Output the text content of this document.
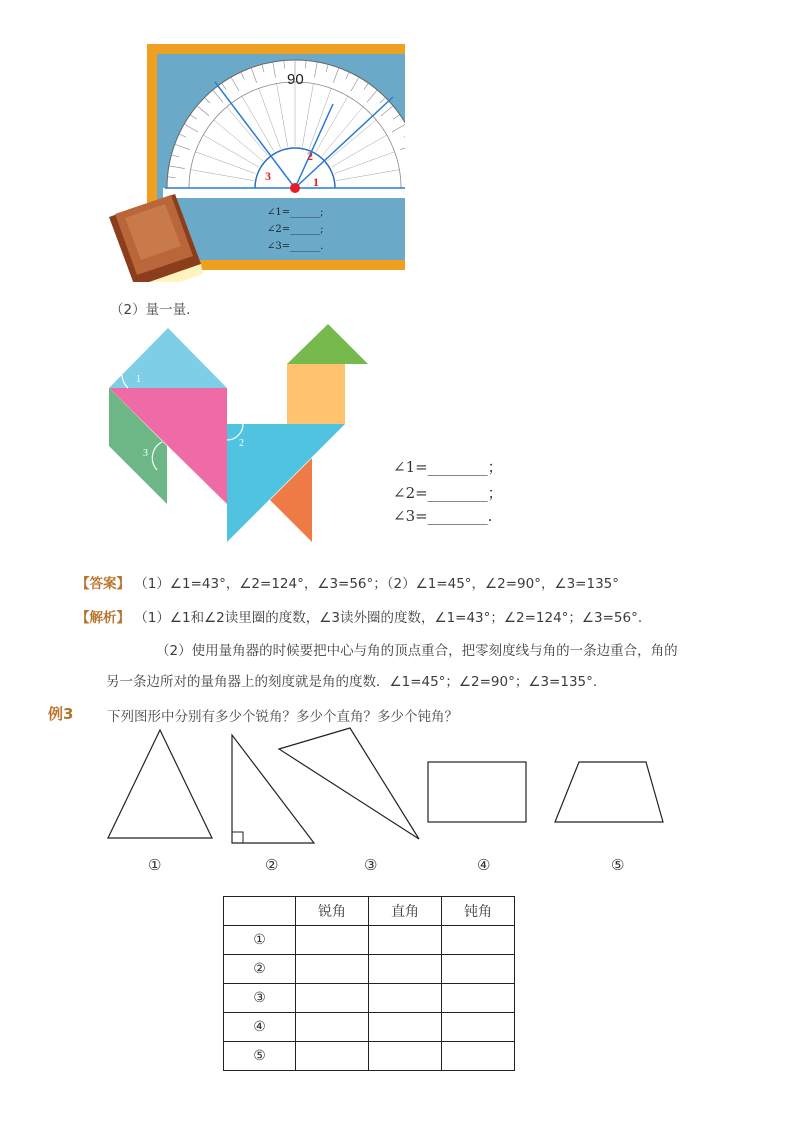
90
1
2
3
∠1=______;
∠2=______;
∠3=______.
（2）量一量.
1
2
3
∠1=________；
∠2=________；
∠3=________.
【答案】 （1）∠1=43°，∠2=124°，∠3=56°；（2）∠1=45°，∠2=90°，∠3=135°
【解析】 （1）∠1和∠2读里圈的度数，∠3读外圈的度数，∠1=43°；∠2=124°；∠3=56°.
（2）使用量角器的时候要把中心与角的顶点重合，把零刻度线与角的一条边重合，角的
另一条边所对的量角器上的刻度就是角的度数．∠1=45°；∠2=90°；∠3=135°.
例3 下列图形中分别有多少个锐角？多少个直角？多少个钝角？
①	②	③	④	⑤
	锐角	直角	钝角
①			
②			
③			
④			
⑤			
